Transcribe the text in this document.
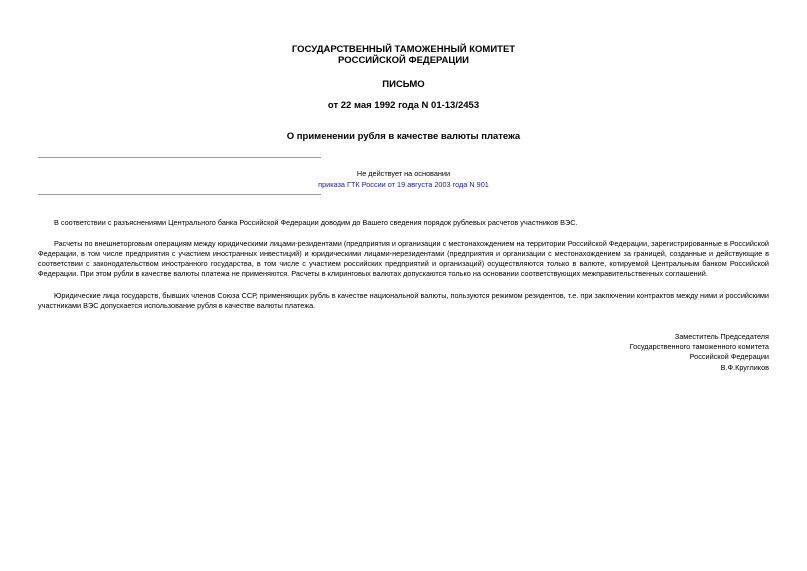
ГОСУДАРСТВЕННЫЙ ТАМОЖЕННЫЙ КОМИТЕТ

РОССИЙСКОЙ ФЕДЕРАЦИИ

ПИСЬМО

от 22 мая 1992 года N 01-13/2453

О применении рубля в качестве валюты платежа

Не действует на основании

приказа ГТК России от 19 августа 2003 года N 901

В соответствии с разъяснениями Центрального банка Российской Федерации доводим до Вашего сведения порядок рублевых расчетов участников ВЭС.

Расчеты по внешнеторговым операциям между юридическими лицами-резидентами (предприятия и организации с местонахождением на территории Российской Федерации, зарегистрированные в Российской Федерации, в том числе предприятия с участием иностранных инвестиций) и юридическими лицами-нерезидентами (предприятия и организации с местонахождением за границей, созданные и действующие в соответствии с законодательством иностранного государства, в том числе с участием российских предприятий и организаций) осуществляются только в валюте, котируемой Центральным банком Российской Федерации. При этом рубли в качестве валюты платежа не применяются. Расчеты в клиринговых валютах допускаются только на основании соответствующих межправительственных соглашений.

Юридические лица государств, бывших членов Союза ССР, применяющих рубль в качестве национальной валюты, пользуются режимом резидентов, т.е. при заключении контрактов между ними и российскими участниками ВЭС допускается использование рубля в качестве валюты платежа.

Заместитель Председателя

Государственного таможенного комитета

Российской Федерации

В.Ф.Кругликов
